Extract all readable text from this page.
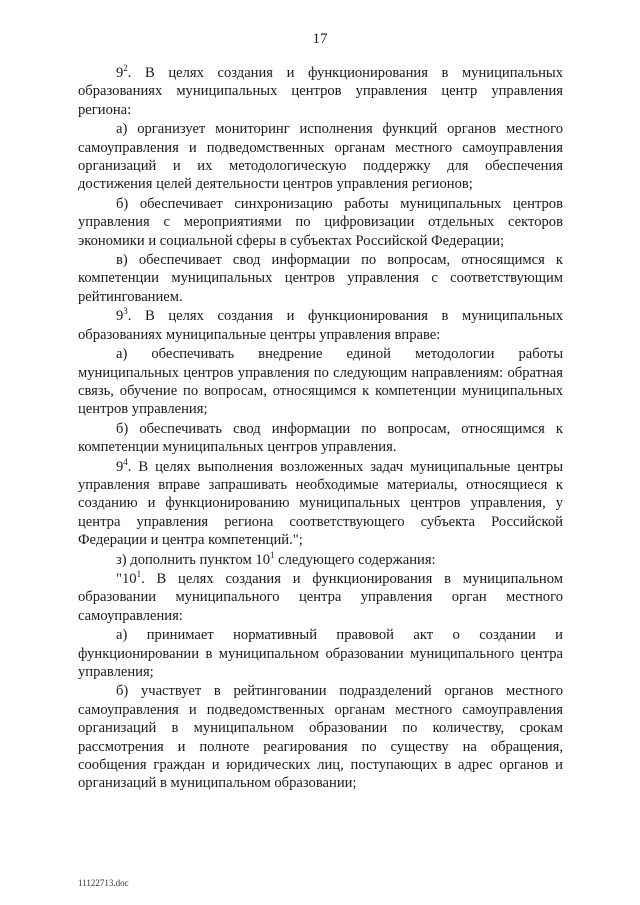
17

$9^2$. В целях создания и функционирования в муниципальных образованиях муниципальных центров управления центр управления региона:

а) организует мониторинг исполнения функций органов местного самоуправления и подведомственных органам местного самоуправления организаций и их методологическую поддержку для обеспечения достижения целей деятельности центров управления регионов;

б) обеспечивает синхронизацию работы муниципальных центров управления с мероприятиями по цифровизации отдельных секторов экономики и социальной сферы в субъектах Российской Федерации;

в) обеспечивает свод информации по вопросам, относящимся к компетенции муниципальных центров управления с соответствующим рейтингованием.

$9^3$. В целях создания и функционирования в муниципальных образованиях муниципальные центры управления вправе:

а) обеспечивать внедрение единой методологии работы муниципальных центров управления по следующим направлениям: обратная связь, обучение по вопросам, относящимся к компетенции муниципальных центров управления;

б) обеспечивать свод информации по вопросам, относящимся к компетенции муниципальных центров управления.

$9^4$. В целях выполнения возложенных задач муниципальные центры управления вправе запрашивать необходимые материалы, относящиеся к созданию и функционированию муниципальных центров управления, у центра управления региона соответствующего субъекта Российской Федерации и центра компетенций.";

з) дополнить пунктом $10^1$ следующего содержания:

"$10^1$. В целях создания и функционирования в муниципальном образовании муниципального центра управления орган местного самоуправления:

а) принимает нормативный правовой акт о создании и функционировании в муниципальном образовании муниципального центра управления;

б) участвует в рейтинговании подразделений органов местного самоуправления и подведомственных органам местного самоуправления организаций в муниципальном образовании по количеству, срокам рассмотрения и полноте реагирования по существу на обращения, сообщения граждан и юридических лиц, поступающих в адрес органов и организаций в муниципальном образовании;

11122713.doc
